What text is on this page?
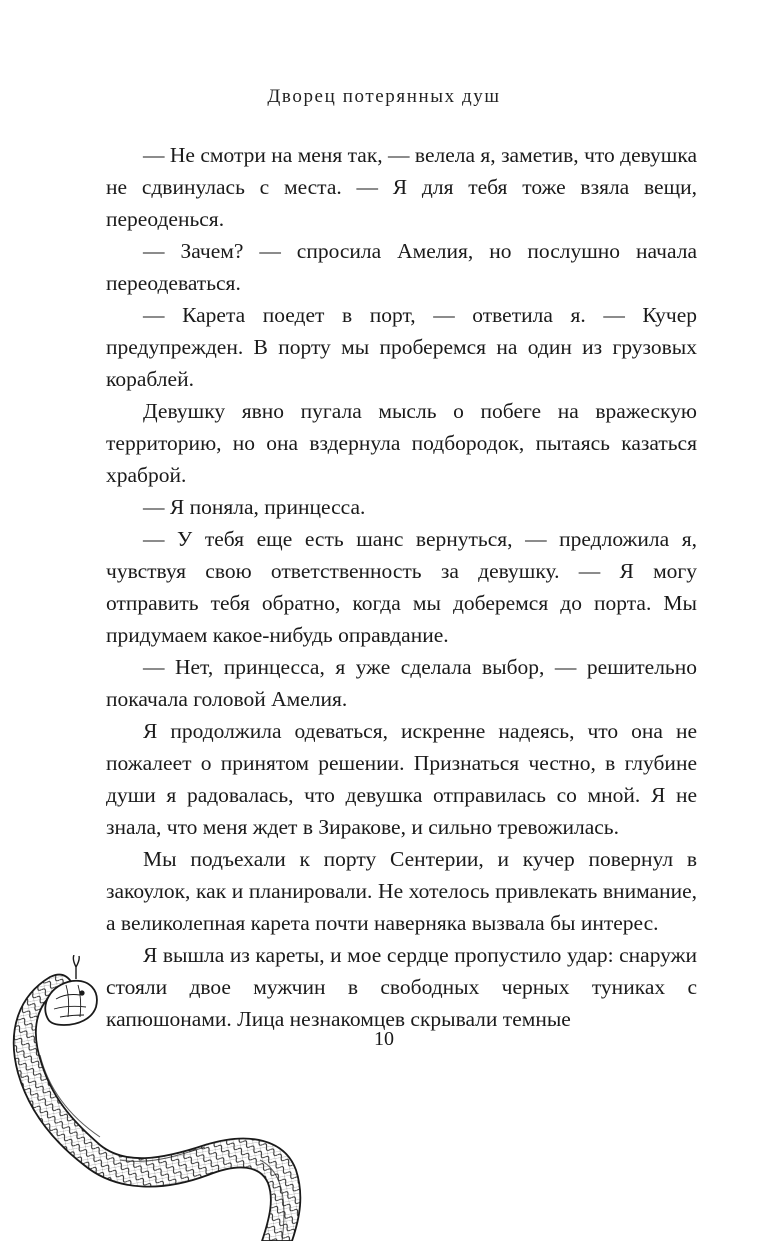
Дворец потерянных душ

— Не смотри на меня так, — велела я, заметив, что девушка не сдвинулась с места. — Я для тебя тоже взяла вещи, переоденься.

— Зачем? — спросила Амелия, но послушно начала переодеваться.

— Карета поедет в порт, — ответила я. — Кучер предупрежден. В порту мы проберемся на один из грузовых кораблей.

Девушку явно пугала мысль о побеге на вражескую территорию, но она вздернула подбородок, пытаясь казаться храброй.

— Я поняла, принцесса.

— У тебя еще есть шанс вернуться, — предложила я, чувствуя свою ответственность за девушку. — Я могу отправить тебя обратно, когда мы доберемся до порта. Мы придумаем какое-нибудь оправдание.

— Нет, принцесса, я уже сделала выбор, — решительно покачала головой Амелия.

Я продолжила одеваться, искренне надеясь, что она не пожалеет о принятом решении. Признаться честно, в глубине души я радовалась, что девушка отправилась со мной. Я не знала, что меня ждет в Зиракове, и сильно тревожилась.

Мы подъехали к порту Сентерии, и кучер повернул в закоулок, как и планировали. Не хотелось привлекать внимание, а великолепная карета почти наверняка вызвала бы интерес.

Я вышла из кареты, и мое сердце пропустило удар: снаружи стояли двое мужчин в свободных черных туниках с капюшонами. Лица незнакомцев скрывали темные

10
